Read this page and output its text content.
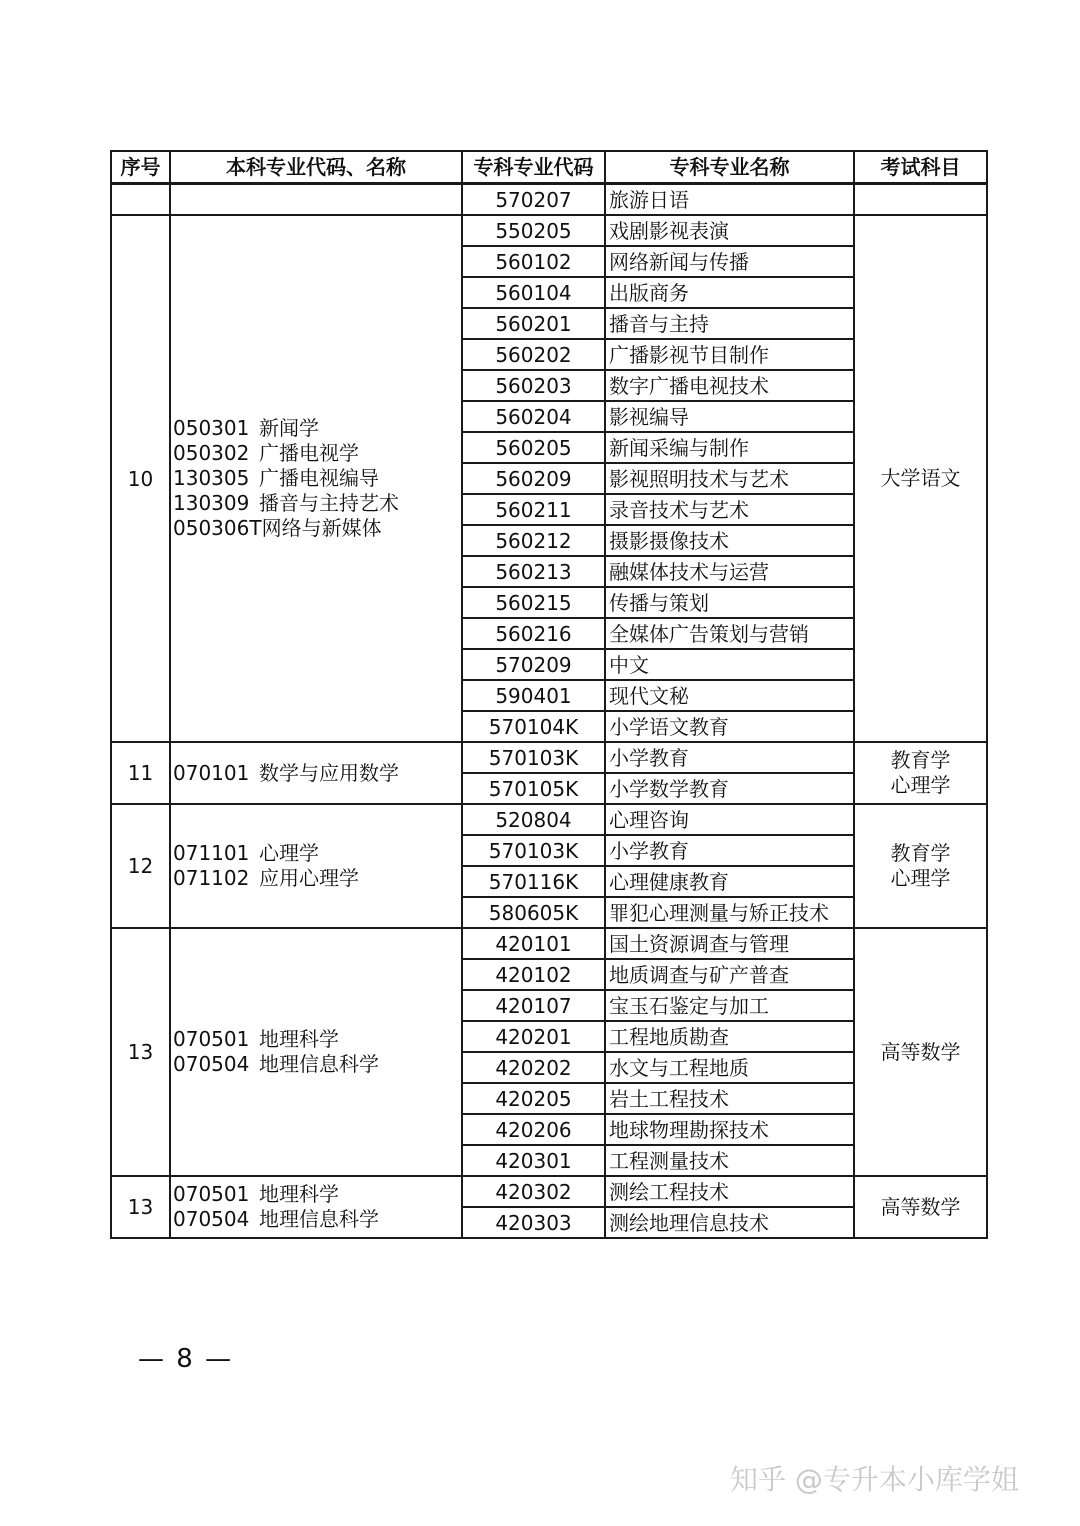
序号	本科专业代码、名称	专科专业代码	专科专业名称	考试科目
		570207	旅游日语	
10	050301 新闻学
050302 广播电视学
130305 广播电视编导
130309 播音与主持艺术
050306T网络与新媒体	550205	戏剧影视表演	大学语文

		560102	网络新闻与传播	
		560104	出版商务	
		560201	播音与主持	
		560202	广播影视节目制作	
		560203	数字广播电视技术	
		560204	影视编导	
		560205	新闻采编与制作	
		560209	影视照明技术与艺术	
		560211	录音技术与艺术	
		560212	摄影摄像技术	
		560213	融媒体技术与运营	
		560215	传播与策划	
		560216	全媒体广告策划与营销	
		570209	中文	
		590401	现代文秘	
		570104K	小学语文教育	
11	070101 数学与应用数学	570103K	小学教育	教育学
心理学

		570105K	小学数学教育	
12	071101 心理学
071102 应用心理学	520804	心理咨询	教育学
心理学

		570103K	小学教育	
		570116K	心理健康教育	
		580605K	罪犯心理测量与矫正技术	
13	070501 地理科学
070504 地理信息科学	420101	国土资源调查与管理	高等数学

		420102	地质调查与矿产普查	
		420107	宝玉石鉴定与加工	
		420201	工程地质勘查	
		420202	水文与工程地质	
		420205	岩土工程技术	
		420206	地球物理勘探技术	
		420301	工程测量技术	
13	070501 地理科学
070504 地理信息科学	420302	测绘工程技术	高等数学

		420303	测绘地理信息技术	
— 8 —
知乎 @专升本小库学姐
